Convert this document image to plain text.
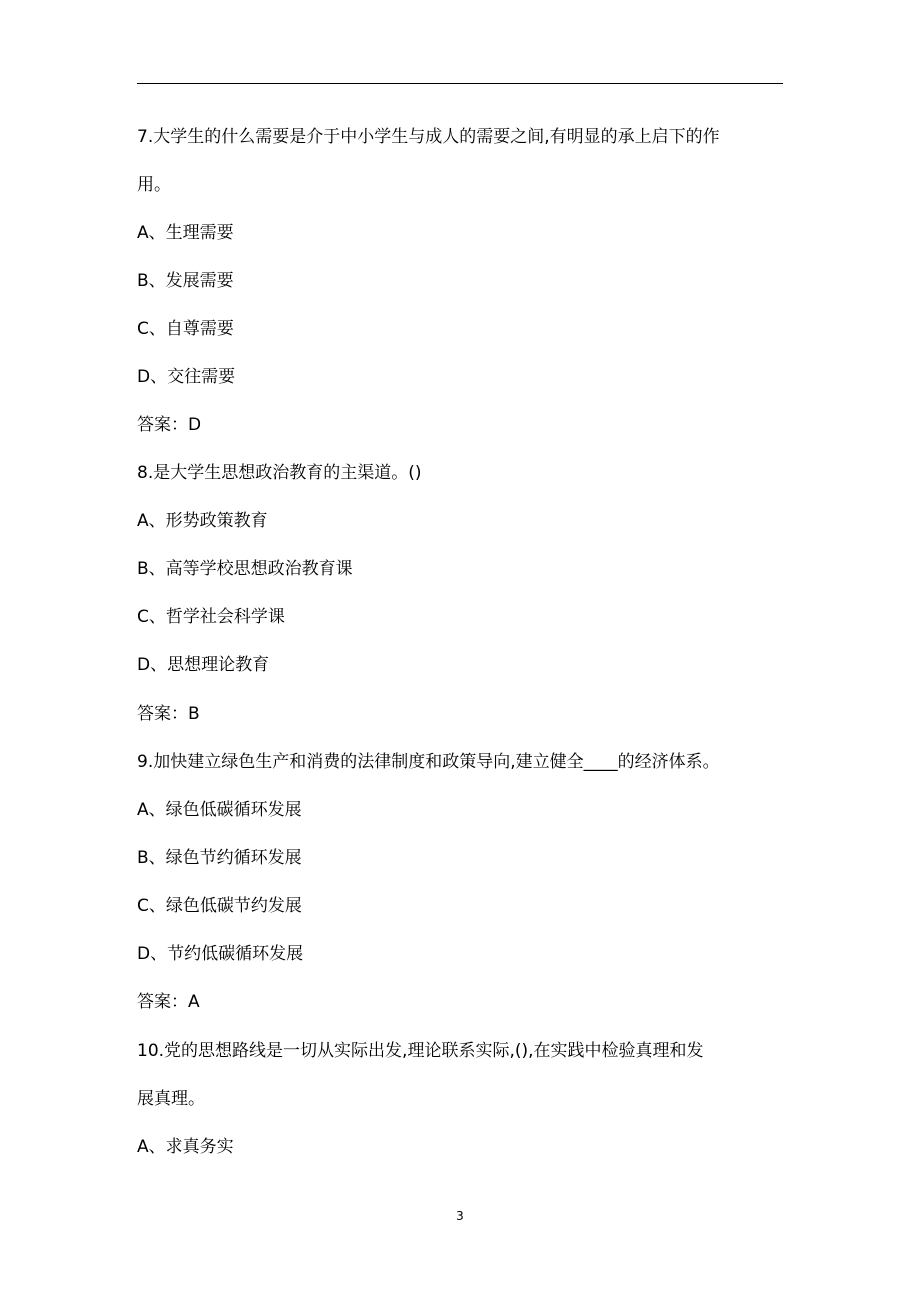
7.大学生的什么需要是介于中小学生与成人的需要之间,有明显的承上启下的作
用。
A、生理需要
B、发展需要
C、自尊需要
D、交往需要
答案：D
8.是大学生思想政治教育的主渠道。()
A、形势政策教育
B、高等学校思想政治教育课
C、哲学社会科学课
D、思想理论教育
答案：B
9.加快建立绿色生产和消费的法律制度和政策导向,建立健全____的经济体系。
A、绿色低碳循环发展
B、绿色节约循环发展
C、绿色低碳节约发展
D、节约低碳循环发展
答案：A
10.党的思想路线是一切从实际出发,理论联系实际,(),在实践中检验真理和发
展真理。
A、求真务实
3
